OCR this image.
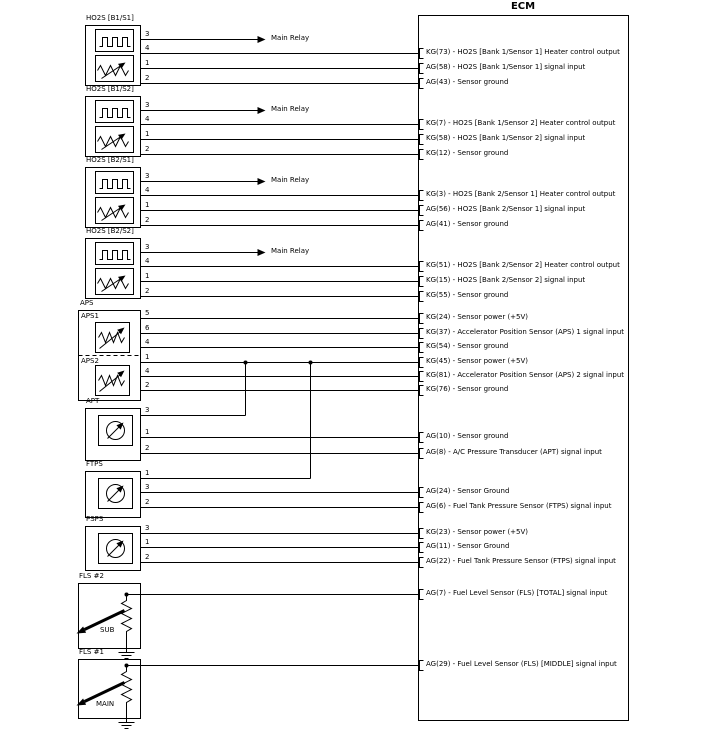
ECM
HO2S [B1/S1]
HO2S [B1/S2]
HO2S [B2/S1]
HO2S [B2/S2]
APS
APS1
APS2
APT
FTPS
PSPS
FLS #2
SUB
FLS #1
MAIN
Main Relay
Main Relay
Main Relay
Main Relay
3
4
1
2
3
4
1
2
3
4
1
2
3
4
1
2
5
6
4
1
4
2
3
1
2
1
3
2
3
1
2
KG(73) - HO2S [Bank 1/Sensor 1] Heater control output
AG(58) - HO2S [Bank 1/Sensor 1] signal input
AG(43) - Sensor ground
KG(7) - HO2S [Bank 1/Sensor 2] Heater control output
KG(58) - HO2S [Bank 1/Sensor 2] signal input
KG(12) - Sensor ground
KG(3) - HO2S [Bank 2/Sensor 1] Heater control output
AG(56) - HO2S [Bank 2/Sensor 1] signal input
AG(41) - Sensor ground
KG(51) - HO2S [Bank 2/Sensor 2] Heater control output
KG(15) - HO2S [Bank 2/Sensor 2] signal input
KG(55) - Sensor ground
KG(24) - Sensor power (+5V)
KG(37) - Accelerator Position Sensor (APS) 1 signal input
KG(54) - Sensor ground
KG(45) - Sensor power (+5V)
KG(81) - Accelerator Position Sensor (APS) 2 signal input
KG(76) - Sensor ground
AG(10) - Sensor ground
AG(8) - A/C Pressure Transducer (APT) signal input
AG(24) - Sensor Ground
AG(6) - Fuel Tank Pressure Sensor (FTPS) signal input
KG(23) - Sensor power (+5V)
AG(11) - Sensor Ground
AG(22) - Fuel Tank Pressure Sensor (FTPS) signal input
AG(7) - Fuel Level Sensor (FLS) [TOTAL] signal input
AG(29) - Fuel Level Sensor (FLS) [MIDDLE] signal input
